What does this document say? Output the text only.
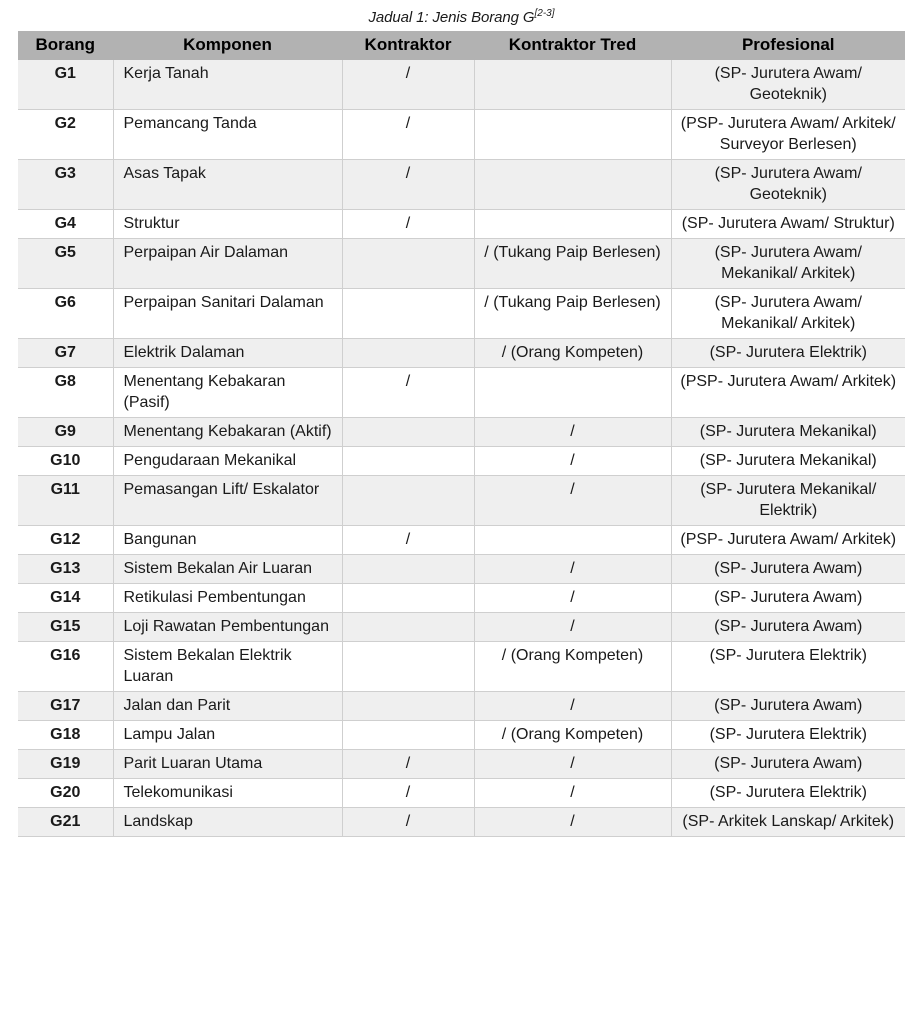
Jadual 1: Jenis Borang G[2-3]
Borang	Komponen	Kontraktor	Kontraktor Tred	Profesional
G1	Kerja Tanah	/		(SP- Jurutera Awam/ Geoteknik)
G2	Pemancang Tanda	/		(PSP- Jurutera Awam/ Arkitek/ Surveyor Berlesen)
G3	Asas Tapak	/		(SP- Jurutera Awam/ Geoteknik)
G4	Struktur	/		(SP- Jurutera Awam/ Struktur)
G5	Perpaipan Air Dalaman		/ (Tukang Paip Berlesen)	(SP- Jurutera Awam/ Mekanikal/ Arkitek)
G6	Perpaipan Sanitari Dalaman		/ (Tukang Paip Berlesen)	(SP- Jurutera Awam/ Mekanikal/ Arkitek)
G7	Elektrik Dalaman		/ (Orang Kompeten)	(SP- Jurutera Elektrik)
G8	Menentang Kebakaran (Pasif)	/		(PSP- Jurutera Awam/ Arkitek)
G9	Menentang Kebakaran (Aktif)		/	(SP- Jurutera Mekanikal)
G10	Pengudaraan Mekanikal		/	(SP- Jurutera Mekanikal)
G11	Pemasangan Lift/ Eskalator		/	(SP- Jurutera Mekanikal/ Elektrik)
G12	Bangunan	/		(PSP- Jurutera Awam/ Arkitek)
G13	Sistem Bekalan Air Luaran		/	(SP- Jurutera Awam)
G14	Retikulasi Pembentungan		/	(SP- Jurutera Awam)
G15	Loji Rawatan Pembentungan		/	(SP- Jurutera Awam)
G16	Sistem Bekalan Elektrik Luaran		/ (Orang Kompeten)	(SP- Jurutera Elektrik)
G17	Jalan dan Parit		/	(SP- Jurutera Awam)
G18	Lampu Jalan		/ (Orang Kompeten)	(SP- Jurutera Elektrik)
G19	Parit Luaran Utama	/	/	(SP- Jurutera Awam)
G20	Telekomunikasi	/	/	(SP- Jurutera Elektrik)
G21	Landskap	/	/	(SP- Arkitek Lanskap/ Arkitek)
